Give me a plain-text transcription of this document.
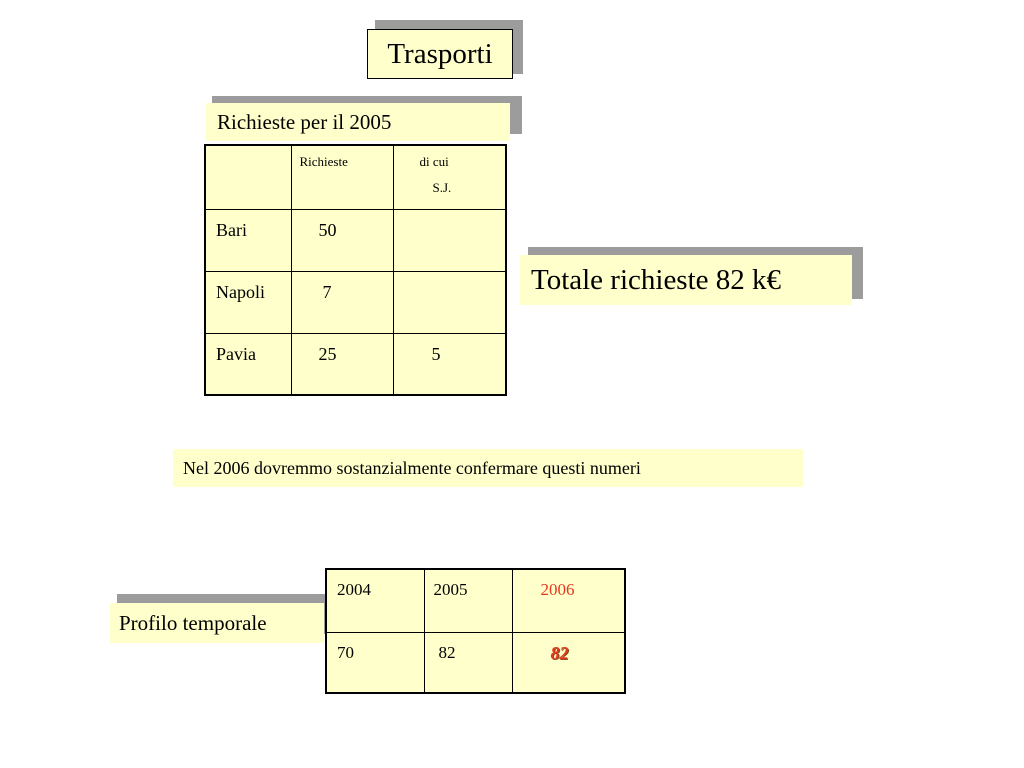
Trasporti
Richieste per il 2005

	Richieste	di cui
S.J.

Bari	50	

Napoli	7	

Pavia	25	5
Totale richieste 82 k€
Nel 2006 dovremmo sostanzialmente confermare questi numeri
Profilo temporale
2004	2005	2006

70	82	82
